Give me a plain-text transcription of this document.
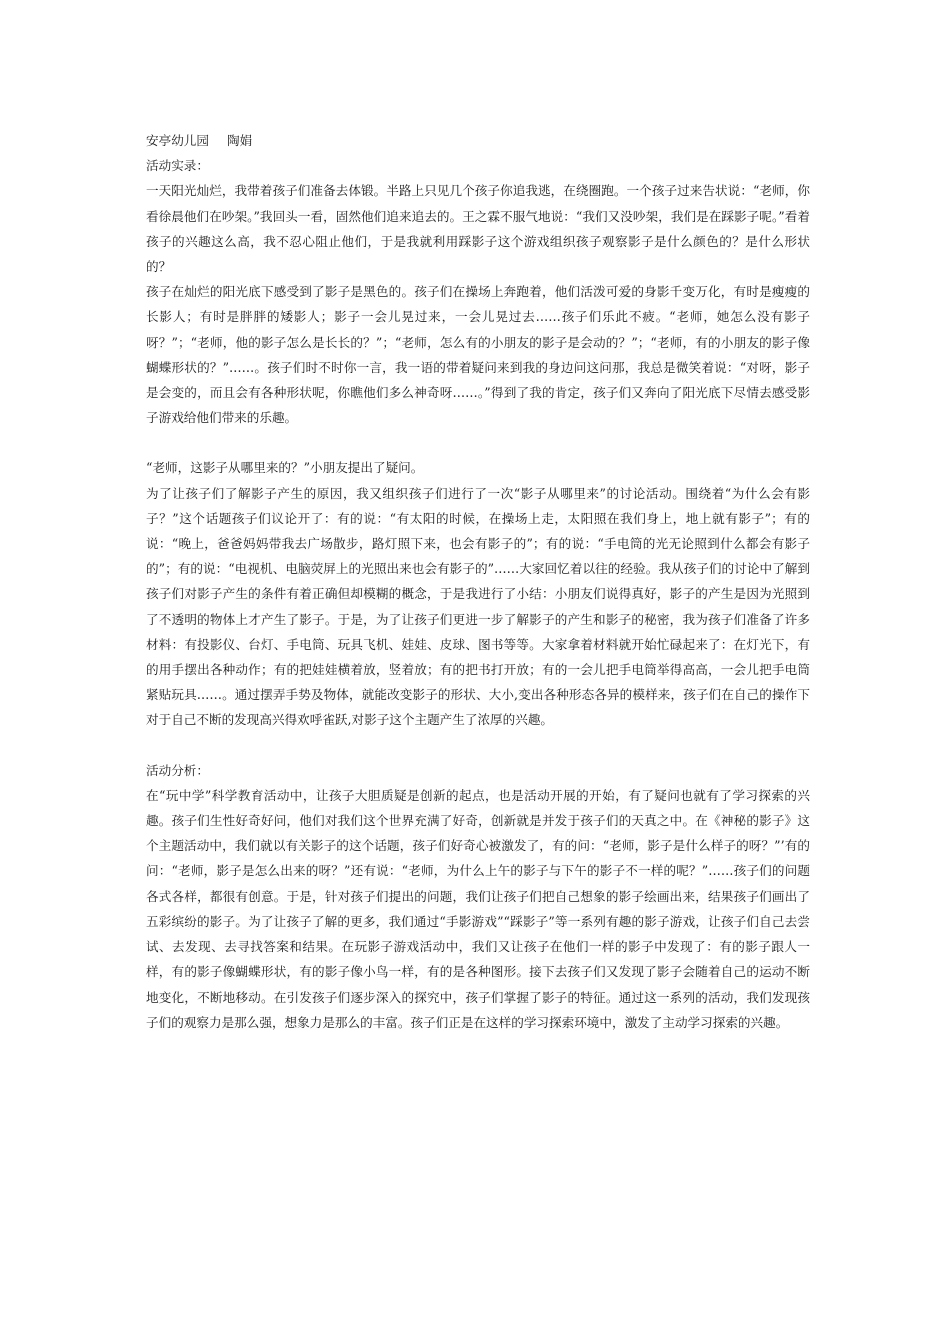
安亭幼儿园 陶娟
活动实录：
一天阳光灿烂，我带着孩子们准备去体锻。半路上只见几个孩子你追我逃，在绕圈跑。一个孩子过来告状说：“老师，你看徐晨他们在吵架。”我回头一看，固然他们追来追去的。王之霖不服气地说：“我们又没吵架，我们是在踩影子呢。”看着孩子的兴趣这么高，我不忍心阻止他们，于是我就利用踩影子这个游戏组织孩子观察影子是什么颜色的？是什么形状的？
孩子在灿烂的阳光底下感受到了影子是黑色的。孩子们在操场上奔跑着，他们活泼可爱的身影千变万化，有时是瘦瘦的长影人；有时是胖胖的矮影人；影子一会儿晃过来，一会儿晃过去……孩子们乐此不疲。“老师，她怎么没有影子呀？”；“老师，他的影子怎么是长长的？”；“老师，怎么有的小朋友的影子是会动的？”；“老师，有的小朋友的影子像蝴蝶形状的？”……。孩子们时不时你一言，我一语的带着疑问来到我的身边问这问那，我总是微笑着说：“对呀，影子是会变的，而且会有各种形状呢，你瞧他们多么神奇呀……。”得到了我的肯定，孩子们又奔向了阳光底下尽情去感受影子游戏给他们带来的乐趣。
“老师，这影子从哪里来的？”小朋友提出了疑问。
为了让孩子们了解影子产生的原因，我又组织孩子们进行了一次“影子从哪里来”的讨论活动。围绕着“为什么会有影子？”这个话题孩子们议论开了：有的说：“有太阳的时候，在操场上走，太阳照在我们身上，地上就有影子”；有的说：“晚上，爸爸妈妈带我去广场散步，路灯照下来，也会有影子的”；有的说：“手电筒的光无论照到什么都会有影子的”；有的说：“电视机、电脑荧屏上的光照出来也会有影子的”……大家回忆着以往的经验。我从孩子们的讨论中了解到孩子们对影子产生的条件有着正确但却模糊的概念，于是我进行了小结：小朋友们说得真好，影子的产生是因为光照到了不透明的物体上才产生了影子。于是，为了让孩子们更进一步了解影子的产生和影子的秘密，我为孩子们准备了许多材料：有投影仪、台灯、手电筒、玩具飞机、娃娃、皮球、图书等等。大家拿着材料就开始忙碌起来了：在灯光下，有的用手摆出各种动作；有的把娃娃横着放，竖着放；有的把书打开放；有的一会儿把手电筒举得高高，一会儿把手电筒紧贴玩具……。通过摆弄手势及物体，就能改变影子的形状、大小,变出各种形态各异的模样来，孩子们在自己的操作下对于自己不断的发现高兴得欢呼雀跃,对影子这个主题产生了浓厚的兴趣。
活动分析：
在“玩中学”科学教育活动中，让孩子大胆质疑是创新的起点，也是活动开展的开始，有了疑问也就有了学习探索的兴趣。孩子们生性好奇好问，他们对我们这个世界充满了好奇，创新就是并发于孩子们的天真之中。在《神秘的影子》这个主题活动中，我们就以有关影子的这个话题，孩子们好奇心被激发了，有的问：“老师，影子是什么样子的呀？”’有的问：“老师，影子是怎么出来的呀？”还有说：“老师，为什么上午的影子与下午的影子不一样的呢？”……孩子们的问题各式各样，都很有创意。于是，针对孩子们提出的问题，我们让孩子们把自己想象的影子绘画出来，结果孩子们画出了五彩缤纷的影子。为了让孩子了解的更多，我们通过“手影游戏”“踩影子”等一系列有趣的影子游戏，让孩子们自己去尝试、去发现、去寻找答案和结果。在玩影子游戏活动中，我们又让孩子在他们一样的影子中发现了：有的影子跟人一样，有的影子像蝴蝶形状，有的影子像小鸟一样，有的是各种图形。接下去孩子们又发现了影子会随着自己的运动不断地变化，不断地移动。在引发孩子们逐步深入的探究中，孩子们掌握了影子的特征。通过这一系列的活动，我们发现孩子们的观察力是那么强，想象力是那么的丰富。孩子们正是在这样的学习探索环境中，激发了主动学习探索的兴趣。
